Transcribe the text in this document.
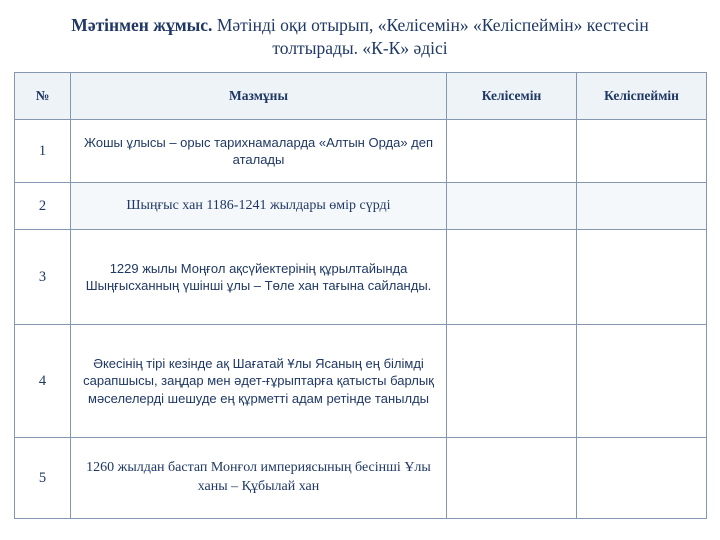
Мәтінмен жұмыс. Мәтінді оқи отырып, «Келісемін» «Келіспеймін» кестесін толтырады. «К-К» әдісі
№	Мазмұны	Келісемін	Келіспеймін
1	Жошы ұлысы – орыс тарихнамаларда «Алтын Орда» деп аталады		
2	Шыңғыс хан 1186-1241 жылдары өмір сүрді		
3	1229 жылы Моңғол ақсүйектерінің құрылтайында Шыңғысханның үшінші ұлы – Төле хан тағына сайланды.		
4	Әкесінің тірі кезінде ақ Шағатай Ұлы Ясаның ең білімді сарапшысы, заңдар мен әдет-ғұрыптарға қатысты барлық мәселелерді шешуде ең құрметті адам ретінде танылды		
5	1260 жылдан бастап Монғол империясының бесінші Ұлы ханы – Құбылай хан		
